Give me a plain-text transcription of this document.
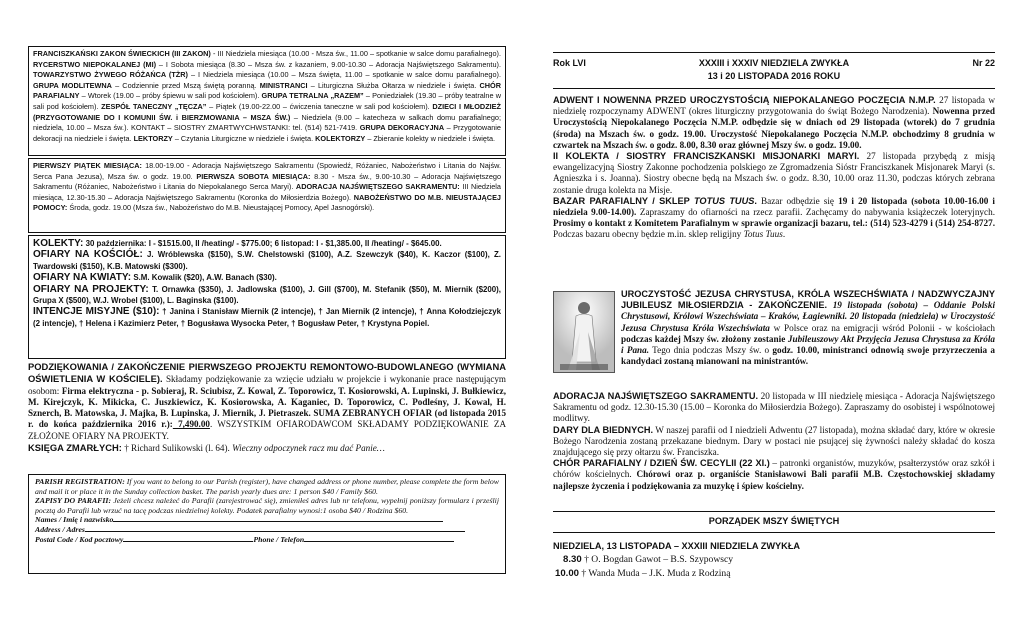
FRANCISZKAŃSKI ZAKON ŚWIECKICH (III ZAKON) - III Niedziela miesiąca (10.00 - Msza św., 11.00 – spotkanie w salce domu parafialnego). RYCERSTWO NIEPOKALANEJ (MI) – I Sobota miesiąca (8.30 – Msza św. z kazaniem, 9.00-10.30 – Adoracja Najświętszego Sakramentu). TOWARZYSTWO ŻYWEGO RÓŻAŃCA (TŻR) – I Niedziela miesiąca (10.00 – Msza święta, 11.00 – spotkanie w salce domu parafialnego). GRUPA MODLITEWNA – Codziennie przed Mszą świętą poranną. MINISTRANCI – Liturgiczna Służba Ołtarza w niedziele i święta. CHÓR PARAFIALNY – Wtorek (19.00 – próby śpiewu w sali pod kościołem). GRUPA TETRALNA „RAZEM” – Poniedziałek (19.30 – próby teatralne w sali pod kościołem). ZESPÓŁ TANECZNY „TĘCZA” – Piątek (19.00-22.00 – ćwiczenia taneczne w sali pod kościołem). DZIECI I MŁODZIEŻ (PRZYGOTOWANIE DO I KOMUNII ŚW. i BIERZMOWANIA – MSZA ŚW.) – Niedziela (9.00 – katecheza w salkach domu parafialnego; niedziela, 10.00 – Msza św.). KONTAKT – SIOSTRY ZMARTWYCHWSTANKI: tel. (514) 521-7419. GRUPA DEKORACYJNA – Przygotowanie dekoracji na niedziele i święta. LEKTORZY – Czytania Liturgiczne w niedziele i święta. KOLEKTORZY – Zbieranie kolekty w niedziele i święta.

PIERWSZY PIĄTEK MIESIĄCA: 18.00-19.00 - Adoracja Najświętszego Sakramentu (Spowiedź, Różaniec, Nabożeństwo i Litania do Najśw. Serca Pana Jezusa), Msza św. o godz. 19.00. PIERWSZA SOBOTA MIESIĄCA: 8.30 - Msza św., 9.00-10.30 – Adoracja Najświętszego Sakramentu (Różaniec, Nabożeństwo i Litania do Niepokalanego Serca Maryi). ADORACJA NAJŚWIĘTSZEGO SAKRAMENTU: III Niedziela miesiąca, 12.30-15.30 – Adoracja Najświętszego Sakramentu (Koronka do Miłosierdzia Bożego). NABOŻEŃSTWO DO M.B. NIEUSTAJĄCEJ POMOCY: Środa, godz. 19.00 (Msza św., Nabożeństwo do M.B. Nieustającej Pomocy, Apel Jasnogórski).

KOLEKTY: 30 października: I - $1515.00, II /heating/ - $775.00; 6 listopad: I - $1,385.00, II /heating/ - $645.00.

OFIARY NA KOŚCIÓŁ: J. Wróblewska ($150), S.W. Chelstowski ($100), A.Z. Szewczyk ($40), K. Kaczor ($100), Z. Twardowski ($150), K.B. Matowski ($300).

OFIARY NA KWIATY: S.M. Kowalik ($20), A.W. Banach ($30).

OFIARY NA PROJEKTY: T. Ornawka ($350), J. Jadlowska ($100), J. Gill ($700), M. Stefanik ($50), M. Miernik ($200), Grupa X ($500), W.J. Wrobel ($100), L. Baginska ($100).

INTENCJE MISYJNE ($10): † Janina i Stanisław Miernik (2 intencje), † Jan Miernik (2 intencje), † Anna Kołodziejczyk (2 intencje), † Helena i Kazimierz Peter, † Bogusława Wysocka Peter, † Bogusław Peter, † Krystyna Popiel.

PODZIĘKOWANIA / ZAKOŃCZENIE PIERWSZEGO PROJEKTU REMONTOWO-BUDOWLANEGO (WYMIANA OŚWIETLENIA W KOŚCIELE). Składamy podziękowanie za wzięcie udziału w projekcie i wykonanie prace następującym osobom: Firma elektryczna - p. Sobieraj, R. Sciubisz, Z. Kowal, Z. Toporowicz, T. Kosiorowski, A. Lupinski, J. Bułkiewicz, M. Kirejczyk, K. Mikicka, C. Juszkiewicz, K. Kosiorowska, A. Kaganiec, D. Toporowicz, C. Podleśny, J. Kowal, H. Sznerch, B. Matowska, J. Majka, B. Lupinska, J. Miernik, J. Pietraszek. SUMA ZEBRANYCH OFIAR (od listopada 2015 r. do końca października 2016 r.): 7,490.00. WSZYSTKIM OFIARODAWCOM SKŁADAMY PODZIĘKOWANIE ZA ZŁOŻONE OFIARY NA PROJEKTY.

KSIĘGA ZMARŁYCH: † Richard Sulikowski (l. 64). Wieczny odpoczynek racz mu dać Panie…

PARISH REGISTRATION: If you want to belong to our Parish (register), have changed address or phone number, please complete the form below and mail it or place it in the Sunday collection basket. The parish yearly dues are: 1 person $40 / Family $60.

ZAPISY DO PARAFII: Jeżeli chcesz należeć do Parafii (zarejestrować się), zmieniłeś adres lub nr telefonu, wypełnij poniższy formularz i prześlij pocztą do Parafii lub wrzuć na tacę podczas niedzielnej kolekty. Podatek parafialny wynosi:1 osoba $40 / Rodzina $60.

Names / Imię i nazwisko

Address / Adres

Postal Code / Kod pocztowy	Phone / Telefon

Rok LVI	XXXIII i XXXIV NIEDZIELA ZWYKŁA	Nr 22
13 i 20 LISTOPADA 2016 ROKU

ADWENT I NOWENNA PRZED UROCZYSTOŚCIĄ NIEPOKALANEGO POCZĘCIA N.M.P. 27 listopada w niedzielę rozpoczynamy ADWENT (okres liturgiczny przygotowania do świąt Bożego Narodzenia). Nowenna przed Uroczystością Niepokalanego Poczęcia N.M.P. odbędzie się w dniach od 29 listopada (wtorek) do 7 grudnia (środa) na Mszach św. o godz. 19.00. Uroczystość Niepokalanego Poczęcia N.M.P. obchodzimy 8 grudnia w czwartek na Mszach św. o godz. 8.00, 8.30 oraz głównej Mszy św. o godz. 19.00.

II KOLEKTA / SIOSTRY FRANCISZKANSKI MISJONARKI MARYI. 27 listopada przybędą z misją ewangelizacyjną Siostry Zakonne pochodzenia polskiego ze Zgromadzenia Sióstr Franciszkanek Misjonarek Maryi (s. Agnieszka i s. Joanna). Siostry obecne będą na Mszach św. o godz. 8.30, 10.00 oraz 11.30, podczas których zebrana zostanie druga kolekta na Misje.

BAZAR PARAFIALNY / SKLEP TOTUS TUUS. Bazar odbędzie się 19 i 20 listopada (sobota 10.00-16.00 i niedziela 9.00-14.00). Zapraszamy do ofiarności na rzecz parafii. Zachęcamy do nabywania książeczek loteryjnych. Prosimy o kontakt z Komitetem Parafialnym w sprawie organizacji bazaru, tel.: (514) 523-4279 i (514) 254-8727. Podczas bazaru obecny będzie m.in. sklep religijny Totus Tuus.

UROCZYSTOŚĆ JEZUSA CHRYSTUSA, KRÓLA WSZECHŚWIATA / NADZWYCZAJNY JUBILEUSZ MIŁOSIERDZIA - ZAKOŃCZENIE. 19 listopada (sobota) – Oddanie Polski Chrystusowi, Królowi Wszechświata – Kraków, Łagiewniki. 20 listopada (niedziela) w Uroczystość Jezusa Chrystusa Króla Wszechświata w Polsce oraz na emigracji wśród Polonii - w kościołach podczas każdej Mszy św. złożony zostanie Jubileuszowy Akt Przyjęcia Jezusa Chrystusa za Króla i Pana. Tego dnia podczas Mszy św. o godz. 10.00, ministranci odnowią swoje przyrzeczenia a kandydaci zostaną mianowani na ministrantów.

ADORACJA NAJŚWIĘTSZEGO SAKRAMENTU. 20 listopada w III niedzielę miesiąca - Adoracja Najświętszego Sakramentu od godz. 12.30-15.30 (15.00 – Koronka do Miłosierdzia Bożego). Zapraszamy do osobistej i wspólnotowej modlitwy.

DARY DLA BIEDNYCH. W naszej parafii od I niedzieli Adwentu (27 listopada), można składać dary, które w okresie Bożego Narodzenia zostaną przekazane biednym. Dary w postaci nie psującej się żywności należy składać do kosza znajdującego się przy ołtarzu św. Franciszka.

CHÓR PARAFIALNY / DZIEŃ ŚW. CECYLII (22 XI.) – patronki organistów, muzyków, psałterzystów oraz szkół i chórów kościelnych. Chórowi oraz p. organiście Stanisławowi Bali parafii M.B. Częstochowskiej składamy najlepsze życzenia i podziękowania za muzykę i śpiew kościelny.

PORZĄDEK MSZY ŚWIĘTYCH
NIEDZIELA, 13 LISTOPADA – XXXIII NIEDZIELA ZWYKŁA
8.30 † O. Bogdan Gawot – B.S. Szypowscy
10.00 † Wanda Muda – J.K. Muda z Rodziną
